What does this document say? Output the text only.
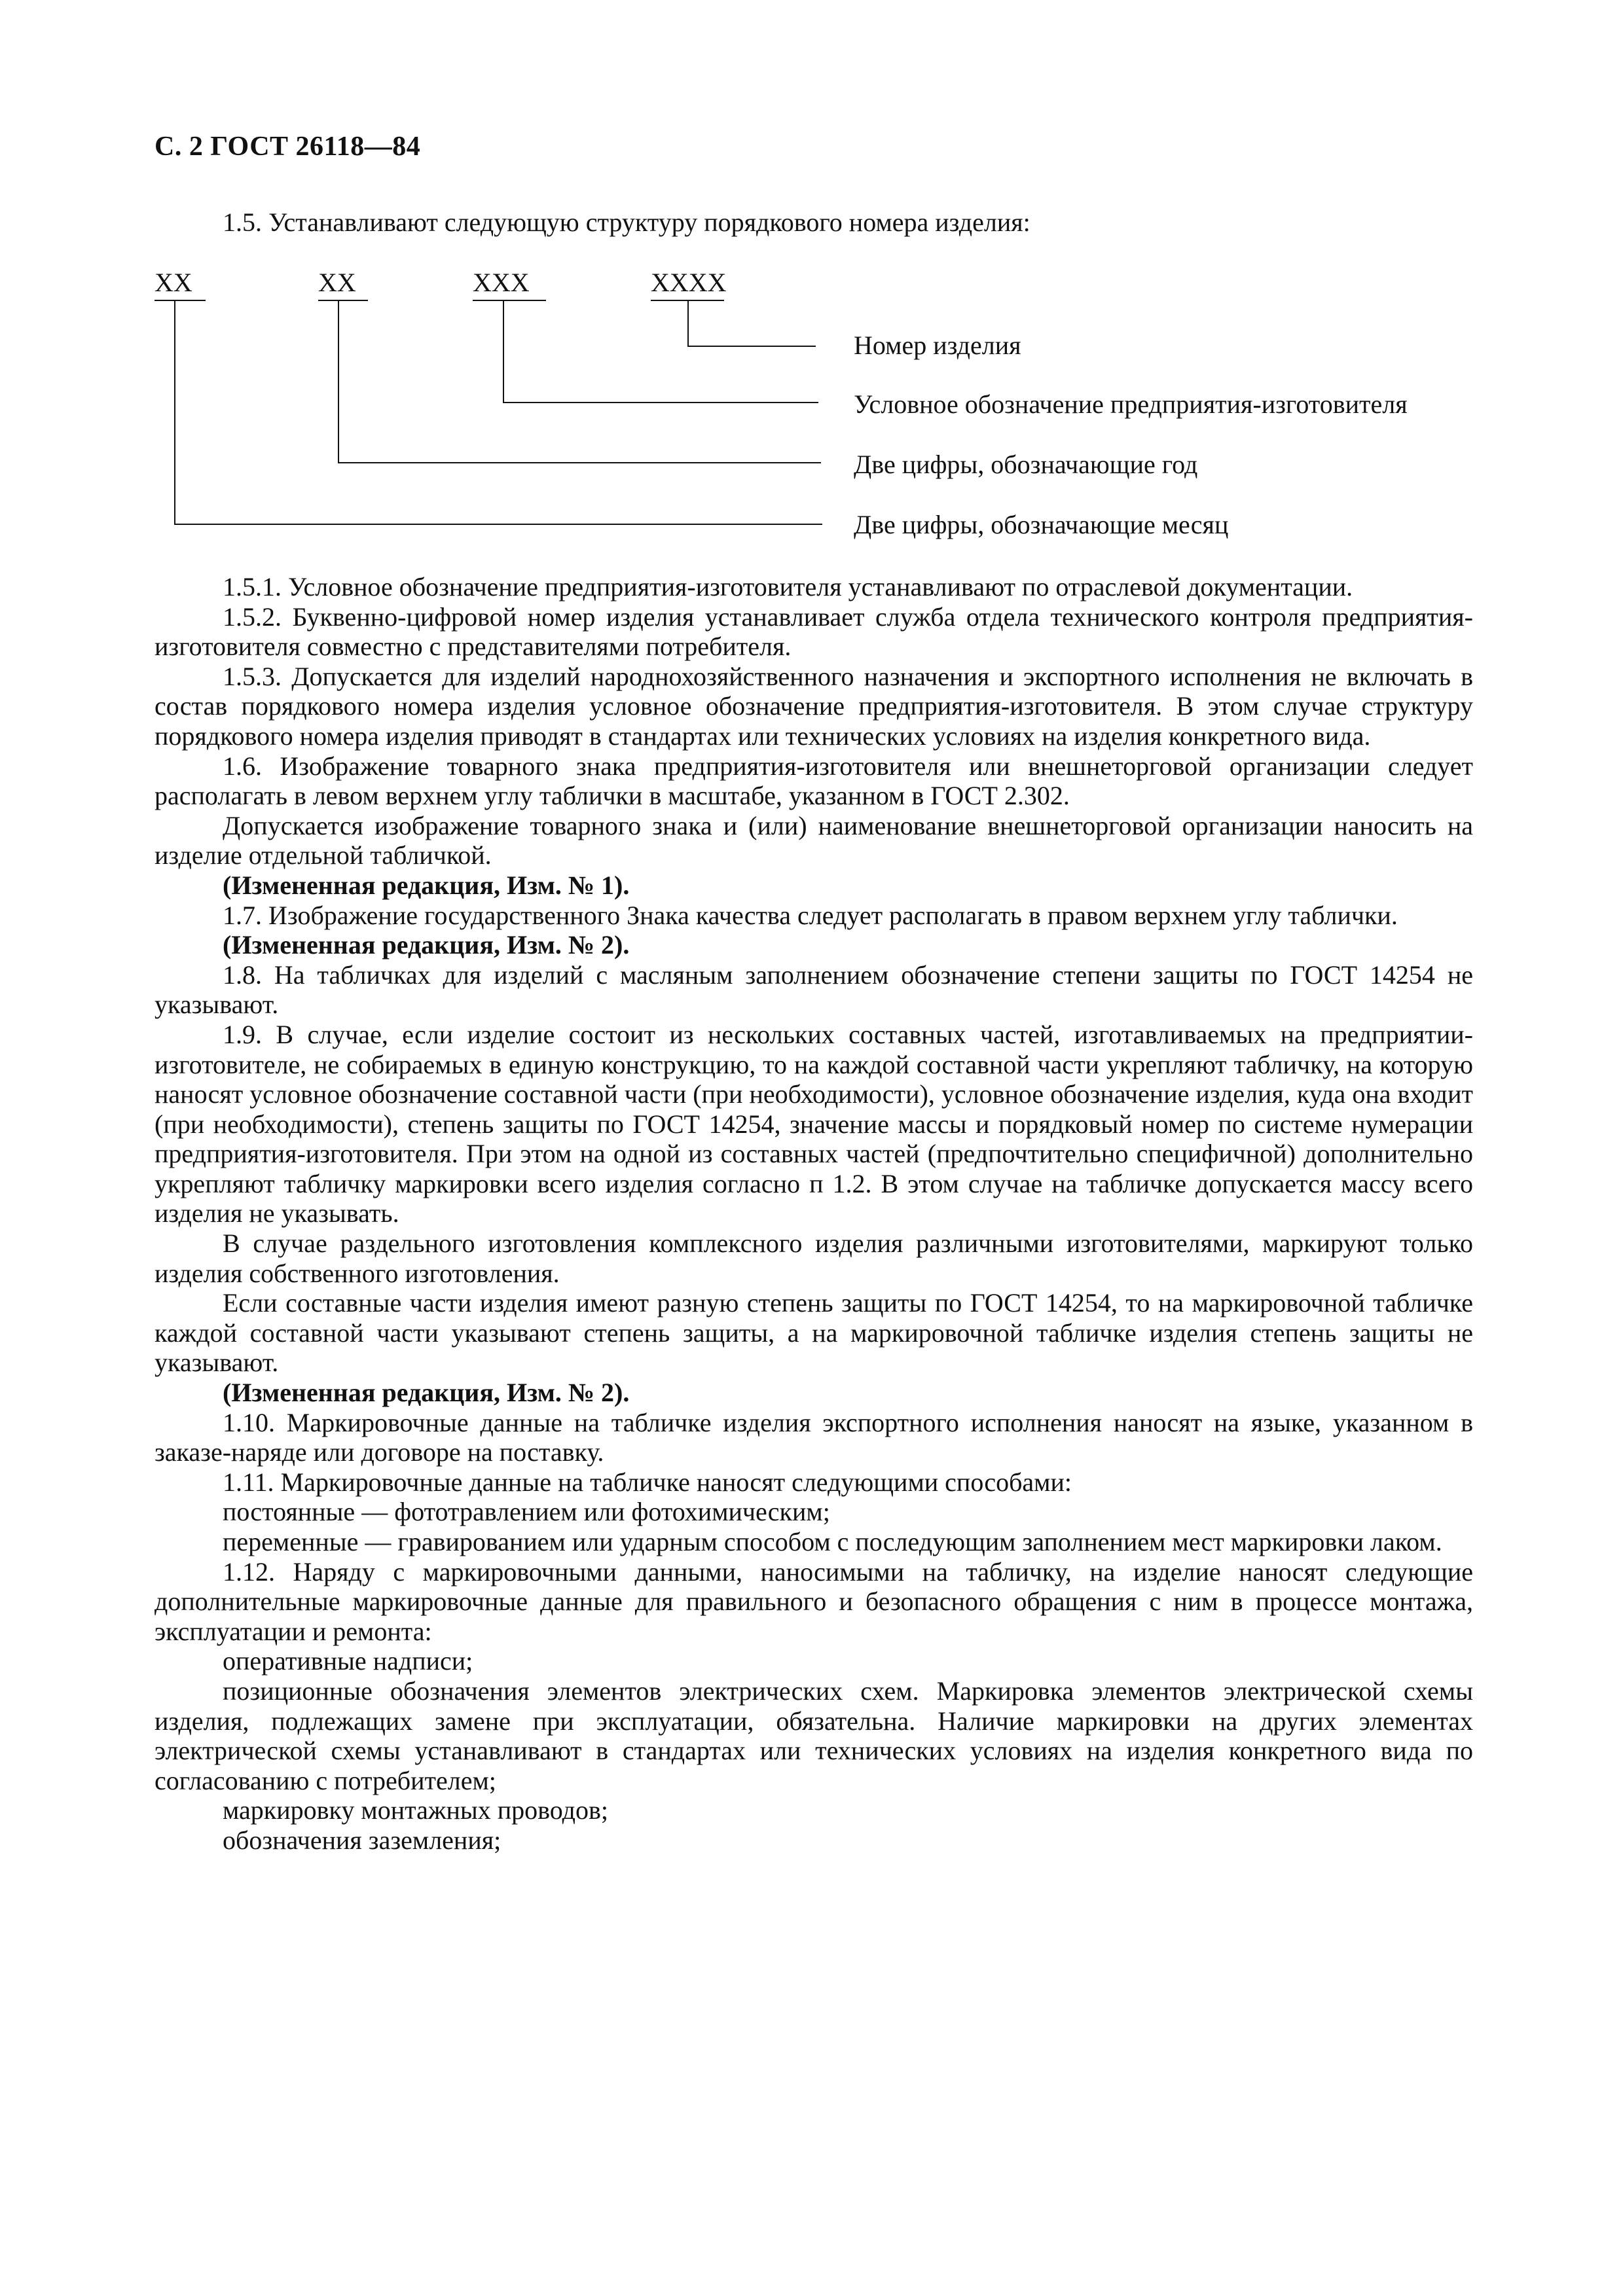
С. 2 ГОСТ 26118—84
1.5. Устанавливают следующую структуру порядкового номера изделия:
XX	XX	XXX	XXXX
Номер изделия
Условное обозначение предприятия-изготовителя
Две цифры, обозначающие год
Две цифры, обозначающие месяц

1.5.1. Условное обозначение предприятия-изготовителя устанавливают по отраслевой документации.

1.5.2. Буквенно-цифровой номер изделия устанавливает служба отдела технического контроля предприятия-изготовителя совместно с представителями потребителя.

1.5.3. Допускается для изделий народнохозяйственного назначения и экспортного исполнения не включать в состав порядкового номера изделия условное обозначение предприятия-изготовителя. В этом случае структуру порядкового номера изделия приводят в стандартах или технических условиях на изделия конкретного вида.

1.6. Изображение товарного знака предприятия-изготовителя или внешнеторговой организации следует располагать в левом верхнем углу таблички в масштабе, указанном в ГОСТ 2.302.

Допускается изображение товарного знака и (или) наименование внешнеторговой организации наносить на изделие отдельной табличкой.

(Измененная редакция, Изм. № 1).

1.7. Изображение государственного Знака качества следует располагать в правом верхнем углу таблички.

(Измененная редакция, Изм. № 2).

1.8. На табличках для изделий с масляным заполнением обозначение степени защиты по ГОСТ 14254 не указывают.

1.9. В случае, если изделие состоит из нескольких составных частей, изготавливаемых на предприятии-изготовителе, не собираемых в единую конструкцию, то на каждой составной части укрепляют табличку, на которую наносят условное обозначение составной части (при необходимости), условное обозначение изделия, куда она входит (при необходимости), степень защиты по ГОСТ 14254, значение массы и порядковый номер по системе нумерации предприятия-изготовителя. При этом на одной из составных частей (предпочтительно специфичной) дополнительно укрепляют табличку маркировки всего изделия согласно п 1.2. В этом случае на табличке допускается массу всего изделия не указывать.

В случае раздельного изготовления комплексного изделия различными изготовителями, маркируют только изделия собственного изготовления.

Если составные части изделия имеют разную степень защиты по ГОСТ 14254, то на маркировочной табличке каждой составной части указывают степень защиты, а на маркировочной табличке изделия степень защиты не указывают.

(Измененная редакция, Изм. № 2).

1.10. Маркировочные данные на табличке изделия экспортного исполнения наносят на языке, указанном в заказе-наряде или договоре на поставку.

1.11. Маркировочные данные на табличке наносят следующими способами:

постоянные — фототравлением или фотохимическим;

переменные — гравированием или ударным способом с последующим заполнением мест маркировки лаком.

1.12. Наряду с маркировочными данными, наносимыми на табличку, на изделие наносят следующие дополнительные маркировочные данные для правильного и безопасного обращения с ним в процессе монтажа, эксплуатации и ремонта:

оперативные надписи;

позиционные обозначения элементов электрических схем. Маркировка элементов электрической схемы изделия, подлежащих замене при эксплуатации, обязательна. Наличие маркировки на других элементах электрической схемы устанавливают в стандартах или технических условиях на изделия конкретного вида по согласованию с потребителем;

маркировку монтажных проводов;

обозначения заземления;
